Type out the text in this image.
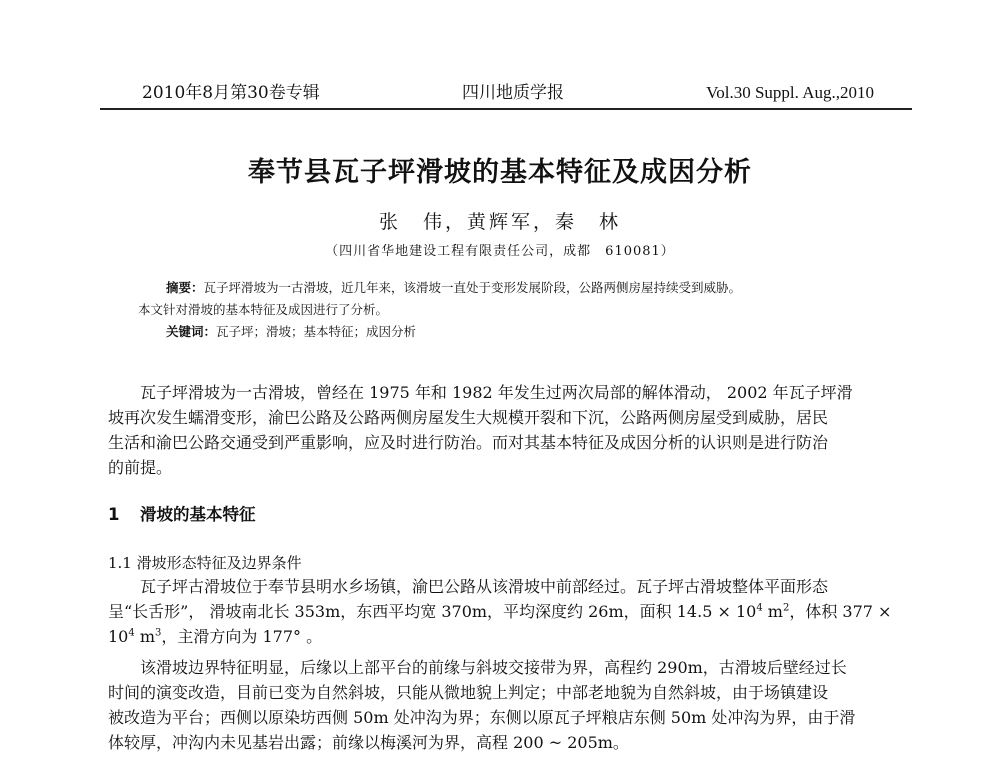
2010年8月第30卷专辑	四川地质学报	Vol.30 Suppl. Aug.,2010
奉节县瓦子坪滑坡的基本特征及成因分析
张　伟，黄辉军，秦　林
（四川省华地建设工程有限责任公司，成都　610081）
摘要：瓦子坪滑坡为一古滑坡，近几年来，该滑坡一直处于变形发展阶段，公路两侧房屋持续受到威胁。
本文针对滑坡的基本特征及成因进行了分析。
关键词：瓦子坪；滑坡；基本特征；成因分析
瓦子坪滑坡为一古滑坡，曾经在 1975 年和 1982 年发生过两次局部的解体滑动， 2002 年瓦子坪滑
坡再次发生蠕滑变形，渝巴公路及公路两侧房屋发生大规模开裂和下沉，公路两侧房屋受到威胁，居民
生活和渝巴公路交通受到严重影响，应及时进行防治。而对其基本特征及成因分析的认识则是进行防治
的前提。
1 滑坡的基本特征
1.1 滑坡形态特征及边界条件
瓦子坪古滑坡位于奉节县明水乡场镇，渝巴公路从该滑坡中前部经过。瓦子坪古滑坡整体平面形态
呈“长舌形”， 滑坡南北长 353m，东西平均宽 370m，平均深度约 26m，面积 $14.5 \times 10^4$ $m^2$，体积 377 ×
$10^4$ $m^3$，主滑方向为 177° 。
该滑坡边界特征明显，后缘以上部平台的前缘与斜坡交接带为界，高程约 290m，古滑坡后壁经过长
时间的演变改造，目前已变为自然斜坡，只能从微地貌上判定；中部老地貌为自然斜坡，由于场镇建设
被改造为平台；西侧以原染坊西侧 50m 处冲沟为界；东侧以原瓦子坪粮店东侧 50m 处冲沟为界，由于滑
体较厚，冲沟内未见基岩出露；前缘以梅溪河为界，高程 200 ~ 205m。
